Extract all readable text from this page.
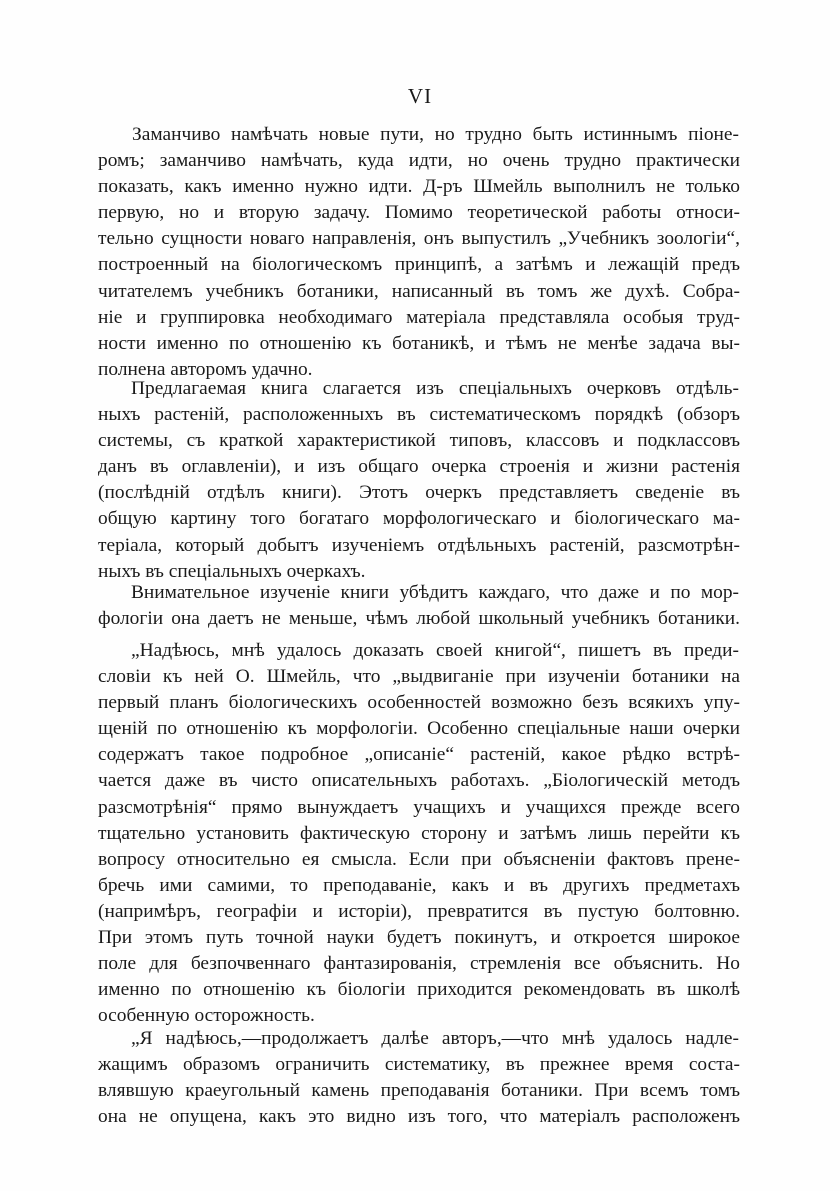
VI
Заманчиво намѣчать новые пути, но трудно быть истиннымъ піоне-
ромъ; заманчиво намѣчать, куда идти, но очень трудно практически
показать, какъ именно нужно идти. Д-ръ Шмейль выполнилъ не только
первую, но и вторую задачу. Помимо теоретической работы относи-
тельно сущности новаго направленія, онъ выпустилъ „Учебникъ зоологіи“,
построенный на біологическомъ принципѣ, а затѣмъ и лежащій предъ
читателемъ учебникъ ботаники, написанный въ томъ же духѣ. Собра-
ніе и группировка необходимаго матеріала представляла особыя труд-
ности именно по отношенію къ ботаникѣ, и тѣмъ не менѣе задача вы-
полнена авторомъ удачно.
Предлагаемая книга слагается изъ спеціальныхъ очерковъ отдѣль-
ныхъ растеній, расположенныхъ въ систематическомъ порядкѣ (обзоръ
системы, съ краткой характеристикой типовъ, классовъ и подклассовъ
данъ въ оглавленіи), и изъ общаго очерка строенія и жизни растенія
(послѣдній отдѣлъ книги). Этотъ очеркъ представляетъ сведеніе въ
общую картину того богатаго морфологическаго и біологическаго ма-
теріала, который добытъ изученіемъ отдѣльныхъ растеній, разсмотрѣн-
ныхъ въ спеціальныхъ очеркахъ.
Внимательное изученіе книги убѣдитъ каждаго, что даже и по мор-
фологіи она даетъ не меньше, чѣмъ любой школьный учебникъ ботаники.
„Надѣюсь, мнѣ удалось доказать своей книгой“, пишетъ въ преди-
словіи къ ней О. Шмейль, что „выдвиганіе при изученіи ботаники на
первый планъ біологическихъ особенностей возможно безъ всякихъ упу-
щеній по отношенію къ морфологіи. Особенно спеціальные наши очерки
содержатъ такое подробное „описаніе“ растеній, какое рѣдко встрѣ-
чается даже въ чисто описательныхъ работахъ. „Біологическій методъ
разсмотрѣнія“ прямо вынуждаетъ учащихъ и учащихся прежде всего
тщательно установить фактическую сторону и затѣмъ лишь перейти къ
вопросу относительно ея смысла. Если при объясненіи фактовъ прене-
бречь ими самими, то преподаваніе, какъ и въ другихъ предметахъ
(напримѣръ, географіи и исторіи), превратится въ пустую болтовню.
При этомъ путь точной науки будетъ покинутъ, и откроется широкое
поле для безпочвеннаго фантазированія, стремленія все объяснить. Но
именно по отношенію къ біологіи приходится рекомендовать въ школѣ
особенную осторожность.
„Я надѣюсь,—продолжаетъ далѣе авторъ,—что мнѣ удалось надле-
жащимъ образомъ ограничить систематику, въ прежнее время соста-
влявшую краеугольный камень преподаванія ботаники. При всемъ томъ
она не опущена, какъ это видно изъ того, что матеріалъ расположенъ
